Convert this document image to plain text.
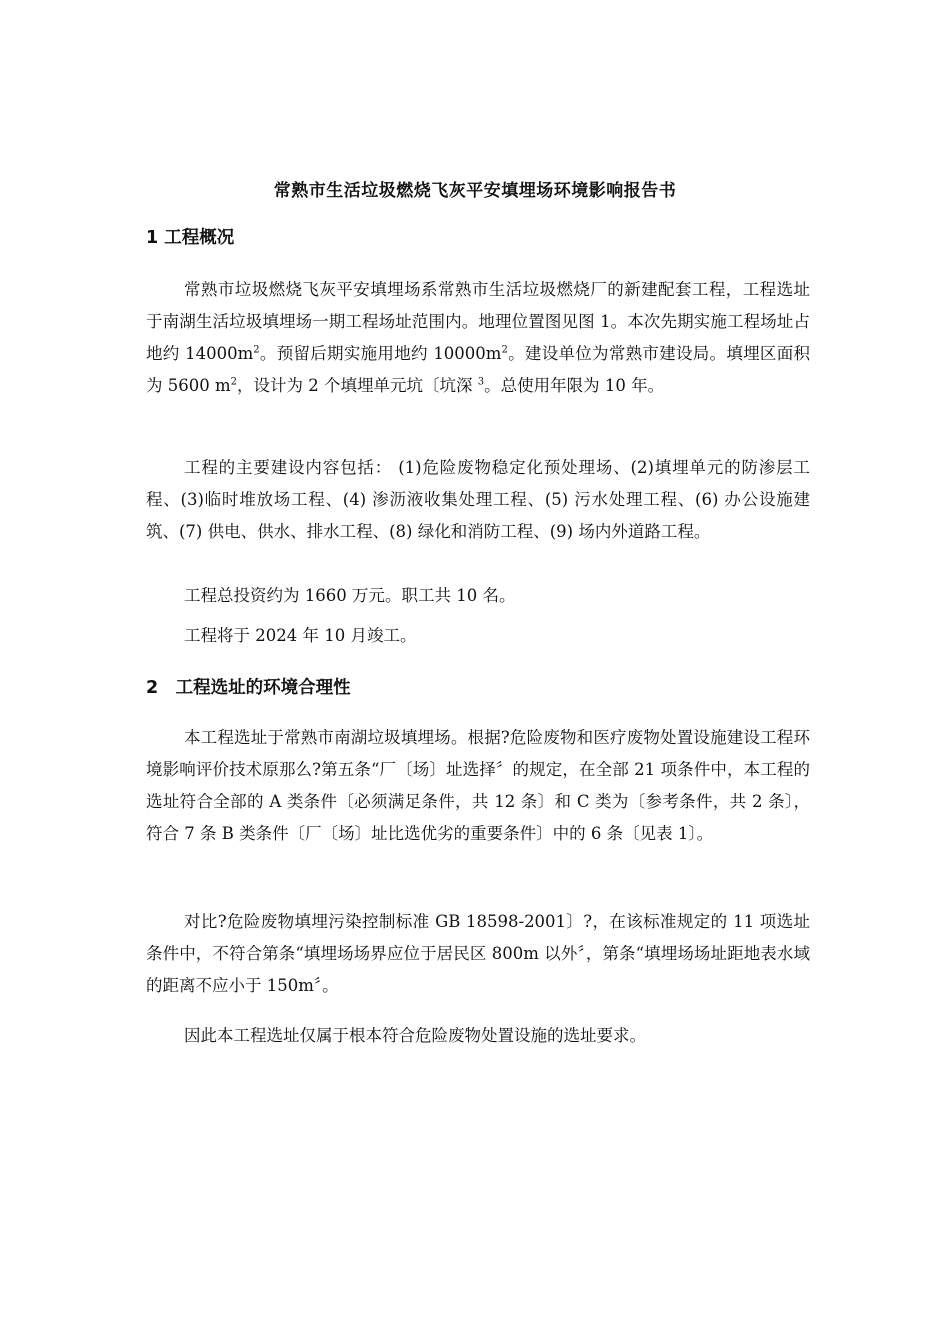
常熟市生活垃圾燃烧飞灰平安填埋场环境影响报告书
1 工程概况

常熟市垃圾燃烧飞灰平安填埋场系常熟市生活垃圾燃烧厂的新建配套工程，工程选址于南湖生活垃圾填埋场一期工程场址范围内。地理位置图见图 1。本次先期实施工程场址占地约 $14000m^2$。预留后期实施用地约 $10000m^2$。建设单位为常熟市建设局。填埋区面积为 5600 $m^2$，设计为 2 个填埋单元坑〔坑深 $^3$。总使用年限为 10 年。

工程的主要建设内容包括： (1)危险废物稳定化预处理场、(2)填埋单元的防渗层工程、(3)临时堆放场工程、(4) 渗沥液收集处理工程、(5) 污水处理工程、(6) 办公设施建筑、(7) 供电、供水、排水工程、(8) 绿化和消防工程、(9) 场内外道路工程。

工程总投资约为 1660 万元。职工共 10 名。

工程将于 2024 年 10 月竣工。

2　工程选址的环境合理性

本工程选址于常熟市南湖垃圾填埋场。根据?危险废物和医疗废物处置设施建设工程环境影响评价技术原那么?第五条“厂〔场〕址选择〞的规定，在全部 21 项条件中，本工程的选址符合全部的 A 类条件〔必须满足条件，共 12 条〕和 C 类为〔参考条件，共 2 条〕，符合 7 条 B 类条件〔厂〔场〕址比选优劣的重要条件〕中的 6 条〔见表 1〕。

对比?危险废物填埋污染控制标准 GB 18598-2001〕?，在该标准规定的 11 项选址条件中，不符合第条“填埋场场界应位于居民区 800m 以外〞，第条“填埋场场址距地表水域的距离不应小于 150m〞。

因此本工程选址仅属于根本符合危险废物处置设施的选址要求。
